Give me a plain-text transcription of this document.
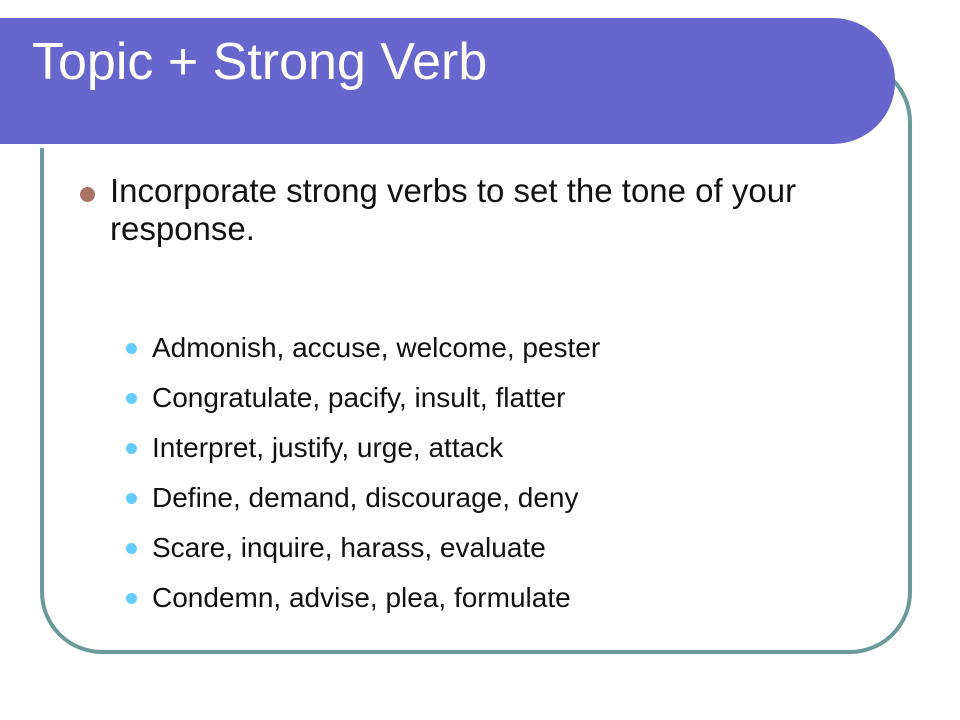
Topic + Strong Verb
Incorporate strong verbs to set the tone of your response.
Admonish, accuse, welcome, pester
Congratulate, pacify, insult, flatter
Interpret, justify, urge, attack
Define, demand, discourage, deny
Scare, inquire, harass, evaluate
Condemn, advise, plea, formulate
